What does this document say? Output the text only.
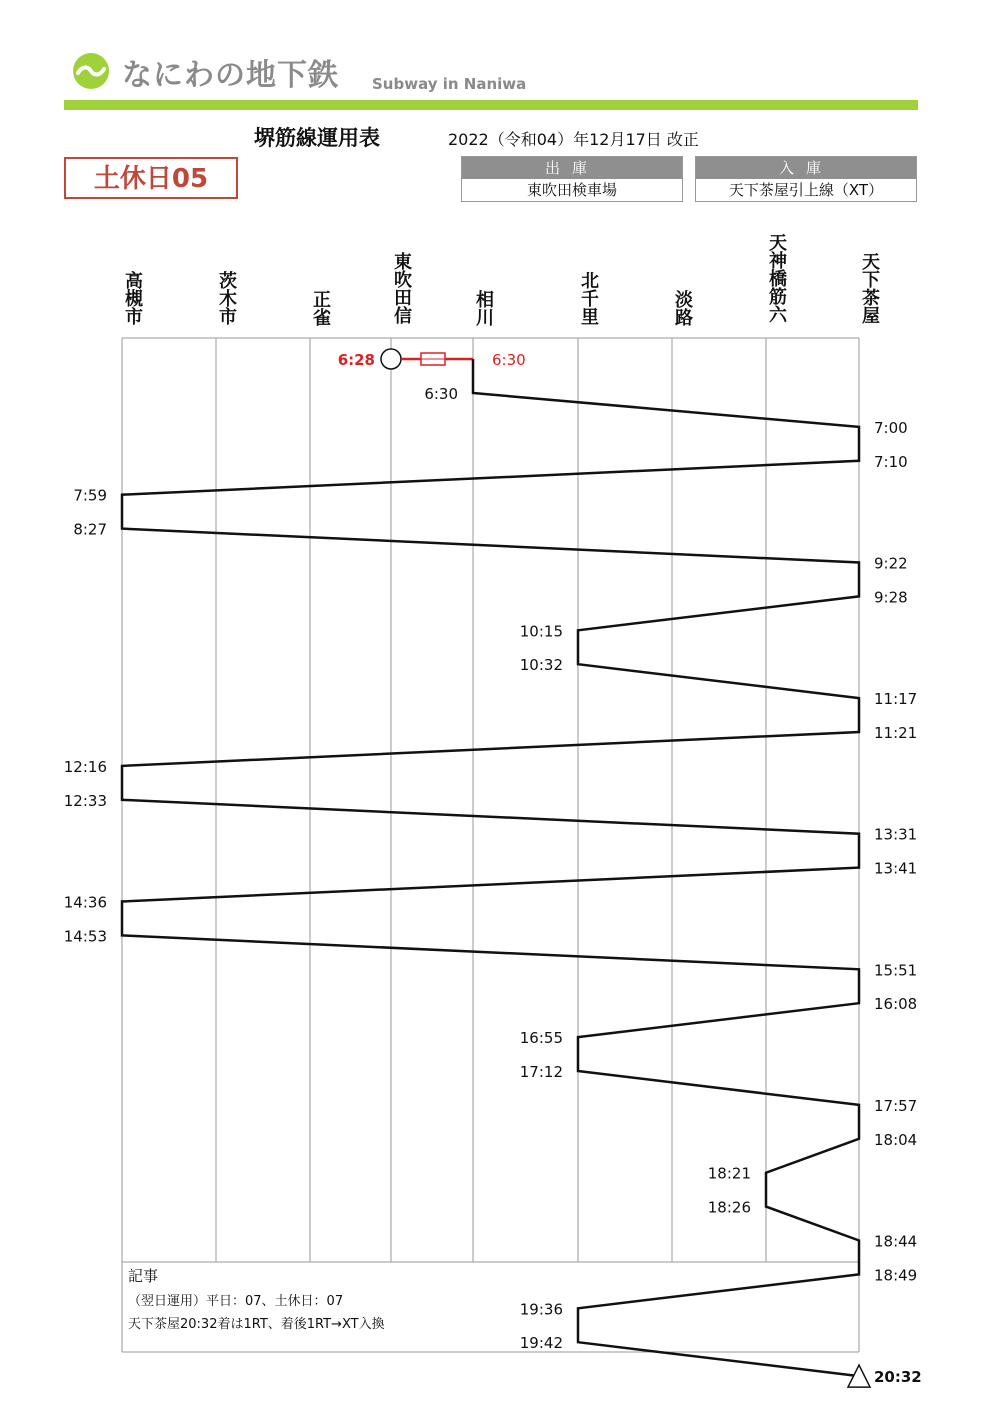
なにわの地下鉄 Subway in Naniwa
堺筋線運用表	2022（令和04）年12月17日 改正
土休日05	出庫
東吹田検車場
入庫
天下茶屋引上線（XT）
高槻市	茨木市	正雀	東吹田信	相川	北千里	淡路	天神橋筋六	天下茶屋
6:28	6:30
6:30
7:00
7:10
7:59
8:27
9:22
9:28
10:15
10:32
11:17
11:21
12:16
12:33
13:31
13:41
14:36
14:53
15:51
16:08
16:55
17:12
17:57
18:04
18:21
18:26
18:44
18:49
19:36
19:42
20:32
記事
（翌日運用）平日：07、土休日：07
天下茶屋20:32着は1RT、着後1RT→XT入換
